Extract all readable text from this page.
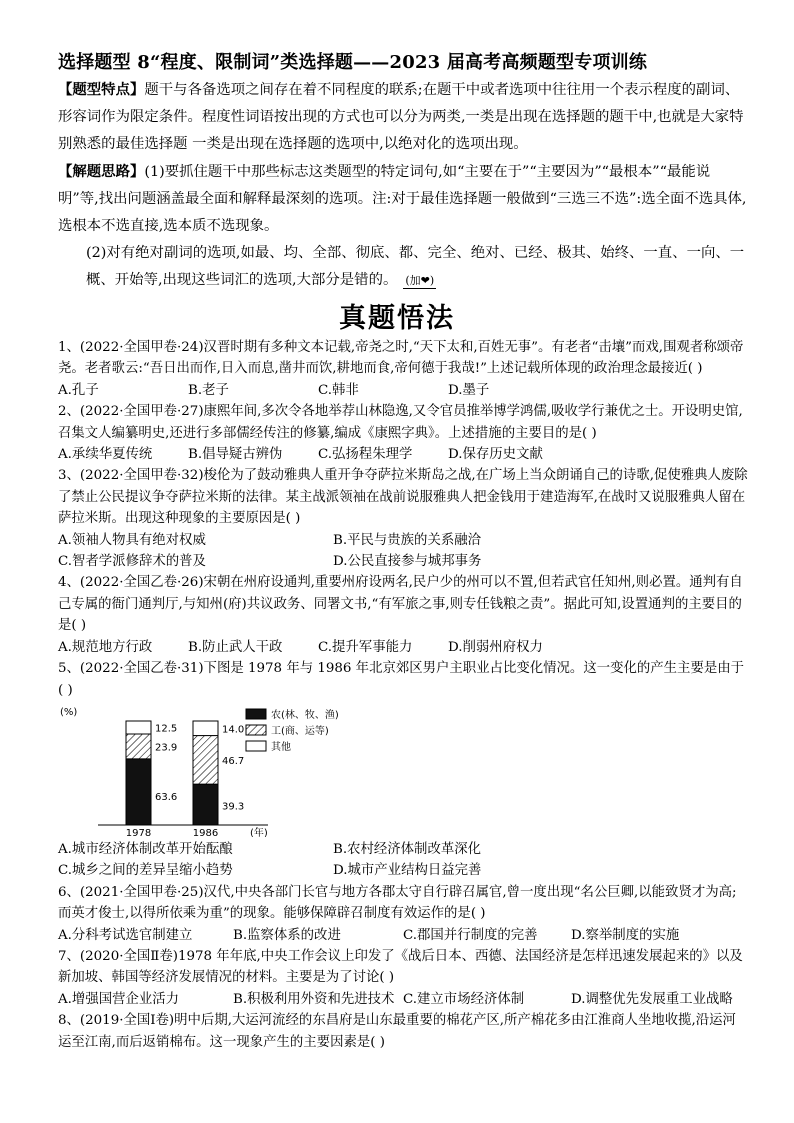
选择题型 8“程度、限制词”类选择题——2023 届高考高频题型专项训练

【题型特点】题干与各备选项之间存在着不同程度的联系;在题干中或者选项中往往用一个表示程度的副词、形容词作为限定条件。程度性词语按出现的方式也可以分为两类,一类是出现在选择题的题干中,也就是大家特别熟悉的最佳选择题 一类是出现在选择题的选项中,以绝对化的选项出现。

【解题思路】(1)要抓住题干中那些标志这类题型的特定词句,如“主要在于”“主要因为”“最根本”“最能说明”等,找出问题涵盖最全面和解释最深刻的选项。注:对于最佳选择题一般做到“三选三不选”:选全面不选具体,选根本不选直接,选本质不选现象。

(2)对有绝对副词的选项,如最、均、全部、彻底、都、完全、绝对、已经、极其、始终、一直、一向、一概、开始等,出现这些词汇的选项,大部分是错的。 (加❤)

真题悟法

1、(2022·全国甲卷·24)汉晋时期有多种文本记载,帝尧之时,“天下太和,百姓无事”。有老者“击壤”而戏,围观者称颂帝尧。老者歌云:“吾日出而作,日入而息,凿井而饮,耕地而食,帝何德于我哉!”上述记载所体现的政治理念最接近( )

A.孔子	B.老子	C.韩非	D.墨子

2、(2022·全国甲卷·27)康熙年间,多次令各地举荐山林隐逸,又令官员推举博学鸿儒,吸收学行兼优之士。开设明史馆,召集文人编纂明史,还进行多部儒经传注的修纂,编成《康熙字典》。上述措施的主要目的是( )

A.承续华夏传统	B.倡导疑古辨伪	C.弘扬程朱理学	D.保存历史文献

3、(2022·全国甲卷·32)梭伦为了鼓动雅典人重开争夺萨拉米斯岛之战,在广场上当众朗诵自己的诗歌,促使雅典人废除了禁止公民提议争夺萨拉米斯的法律。某主战派领袖在战前说服雅典人把金钱用于建造海军,在战时又说服雅典人留在萨拉米斯。出现这种现象的主要原因是( )

A.领袖人物具有绝对权威	B.平民与贵族的关系融洽
C.智者学派修辞术的普及	D.公民直接参与城邦事务

4、(2022·全国乙卷·26)宋朝在州府设通判,重要州府设两名,民户少的州可以不置,但若武官任知州,则必置。通判有自己专属的衙门通判厅,与知州(府)共议政务、同署文书,“有军旅之事,则专任钱粮之责”。据此可知,设置通判的主要目的是( )

A.规范地方行政	B.防止武人干政	C.提升军事能力	D.削弱州府权力

5、(2022·全国乙卷·31)下图是 1978 年与 1986 年北京郊区男户主职业占比变化情况。这一变化的产生主要是由于( )

(%)
(年)
63.6
23.9
12.5
1978
39.3
46.7
14.0
1986
农(林、牧、渔)
工(商、运等)
其他
A.城市经济体制改革开始酝酿	B.农村经济体制改革深化
C.城乡之间的差异呈缩小趋势	D.城市产业结构日益完善

6、(2021·全国甲卷·25)汉代,中央各部门长官与地方各郡太守自行辟召属官,曾一度出现“名公巨卿,以能致贤才为高;而英才俊士,以得所依乘为重”的现象。能够保障辟召制度有效运作的是( )

A.分科考试选官制建立	B.监察体系的改进	C.郡国并行制度的完善	D.察举制度的实施

7、(2020·全国Ⅱ卷)1978 年年底,中央工作会议上印发了《战后日本、西德、法国经济是怎样迅速发展起来的》以及新加坡、韩国等经济发展情况的材料。主要是为了讨论( )

A.增强国营企业活力	B.积极利用外资和先进技术 C.建立市场经济体制	D.调整优先发展重工业战略

8、(2019·全国Ⅰ卷)明中后期,大运河流经的东昌府是山东最重要的棉花产区,所产棉花多由江淮商人坐地收揽,沿运河运至江南,而后返销棉布。这一现象产生的主要因素是( )
